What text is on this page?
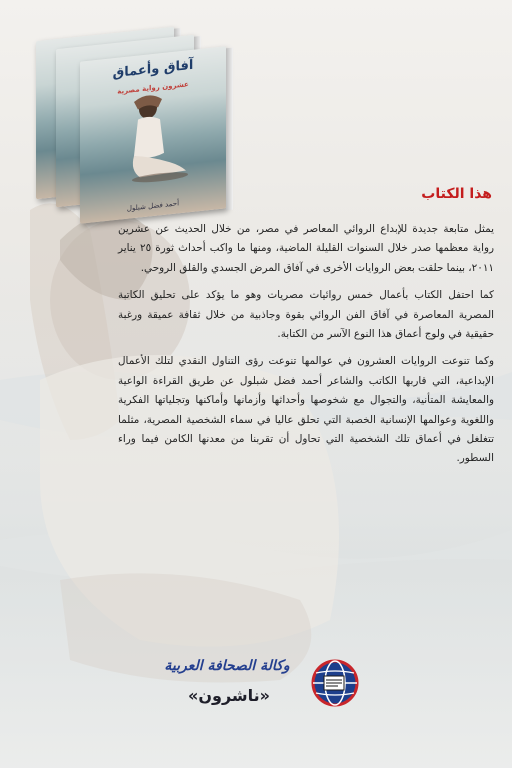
آفاق وأعماق
عشرون رواية مصرية
أحمد فضل شبلول
هذا الكتاب

يمثل متابعة جديدة للإبداع الروائي المعاصر في مصر، من خلال الحديث عن عشرين رواية معظمها صدر خلال السنوات القليلة الماضية، ومنها ما واكب أحداث ثورة ٢٥ يناير ٢٠١١، بينما حلقت بعض الروايات الأخرى في آفاق المرض الجسدي والقلق الروحي.

كما احتفل الكتاب بأعمال خمس روائيات مصريات وهو ما يؤكد على تحليق الكاتبة المصرية المعاصرة في آفاق الفن الروائي بقوة وجاذبية من خلال ثقافة عميقة ورغبة حقيقية في ولوج أعماق هذا النوع الآسر من الكتابة.

وكما تنوعت الروايات العشرون في عوالمها تنوعت رؤى التناول النقدي لتلك الأعمال الإبداعية، التي قاربها الكاتب والشاعر أحمد فضل شبلول عن طريق القراءة الواعية والمعايشة المتأنية، والتجوال مع شخوصها وأحداثها وأزمانها وأماكنها وتجلياتها الفكرية واللغوية وعوالمها الإنسانية الخصبة التي تحلق عاليا في سماء الشخصية المصرية، مثلما تتغلغل في أعماق تلك الشخصية التي تحاول أن تقربنا من معدنها الكامن فيما وراء السطور.

وكالة الصحافة العربية
«ناشرون»
